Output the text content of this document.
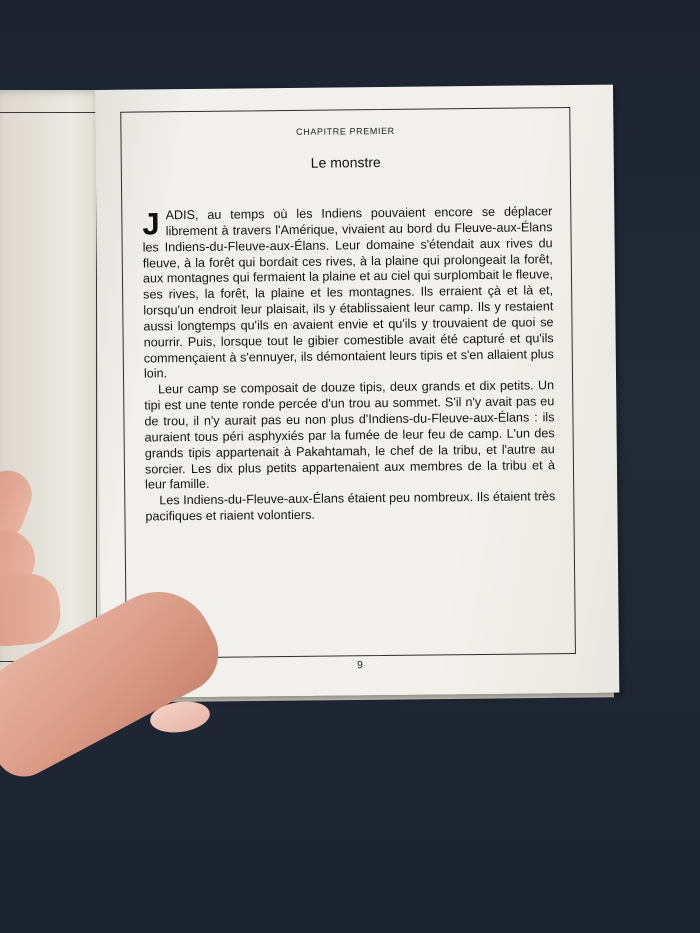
CHAPITRE PREMIER
Le monstre

JADIS, au temps où les Indiens pouvaient encore se déplacer librement à travers l'Amérique, vivaient au bord du Fleuve-aux-Élans les Indiens-du-Fleuve-aux-Élans. Leur domaine s'étendait aux rives du fleuve, à la forêt qui bordait ces rives, à la plaine qui prolongeait la forêt, aux montagnes qui fermaient la plaine et au ciel qui surplombait le fleuve, ses rives, la forêt, la plaine et les montagnes. Ils erraient çà et là et, lorsqu'un endroit leur plaisait, ils y établissaient leur camp. Ils y restaient aussi longtemps qu'ils en avaient envie et qu'ils y trouvaient de quoi se nourrir. Puis, lorsque tout le gibier comestible avait été capturé et qu'ils commençaient à s'ennuyer, ils démontaient leurs tipis et s'en allaient plus loin.

Leur camp se composait de douze tipis, deux grands et dix petits. Un tipi est une tente ronde percée d'un trou au sommet. S'il n'y avait pas eu de trou, il n'y aurait pas eu non plus d'Indiens-du-Fleuve-aux-Élans : ils auraient tous péri asphyxiés par la fumée de leur feu de camp. L'un des grands tipis appartenait à Pakahtamah, le chef de la tribu, et l'autre au sorcier. Les dix plus petits appartenaient aux membres de la tribu et à leur famille.

Les Indiens-du-Fleuve-aux-Élans étaient peu nombreux. Ils étaient très pacifiques et riaient volontiers.

9
